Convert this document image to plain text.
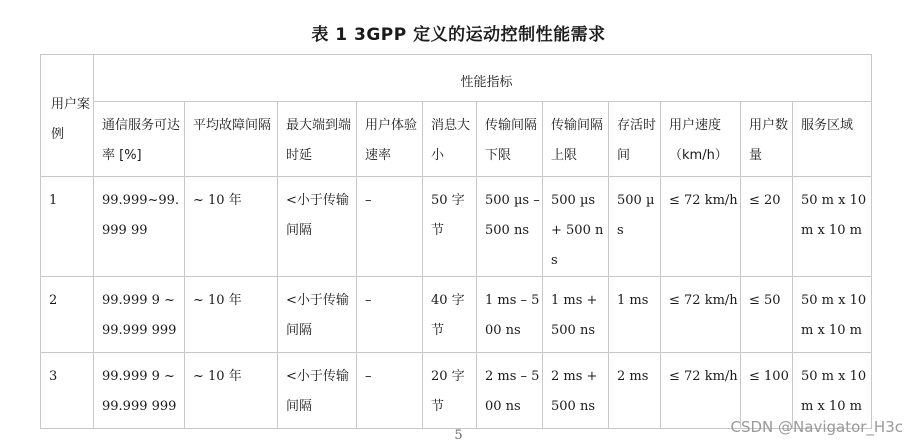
表 1 3GPP 定义的运动控制性能需求
用户案例	性能指标										
	通信服务可达率 [%]	平均故障间隔	最大端到端时延	用户体验速率	消息大小	传输间隔下限	传输间隔上限	存活时间	用户速度（km/h）	用户数量	服务区域
1	99.999~99.999 99	~ 10 年	<小于传输间隔	–	50 字节	500 µs – 500 ns	500 µs + 500 ns	500 µs	≤ 72 km/h	≤ 20	50 m x 10 m x 10 m
2	99.999 9 ~ 99.999 999	~ 10 年	<小于传输间隔	–	40 字节	1 ms – 500 ns	1 ms + 500 ns	1 ms	≤ 72 km/h	≤ 50	50 m x 10 m x 10 m
3	99.999 9 ~ 99.999 999	~ 10 年	<小于传输间隔	–	20 字节	2 ms – 500 ns	2 ms + 500 ns	2 ms	≤ 72 km/h	≤ 100	50 m x 10 m x 10 m
5	CSDN @Navigator_H3c
